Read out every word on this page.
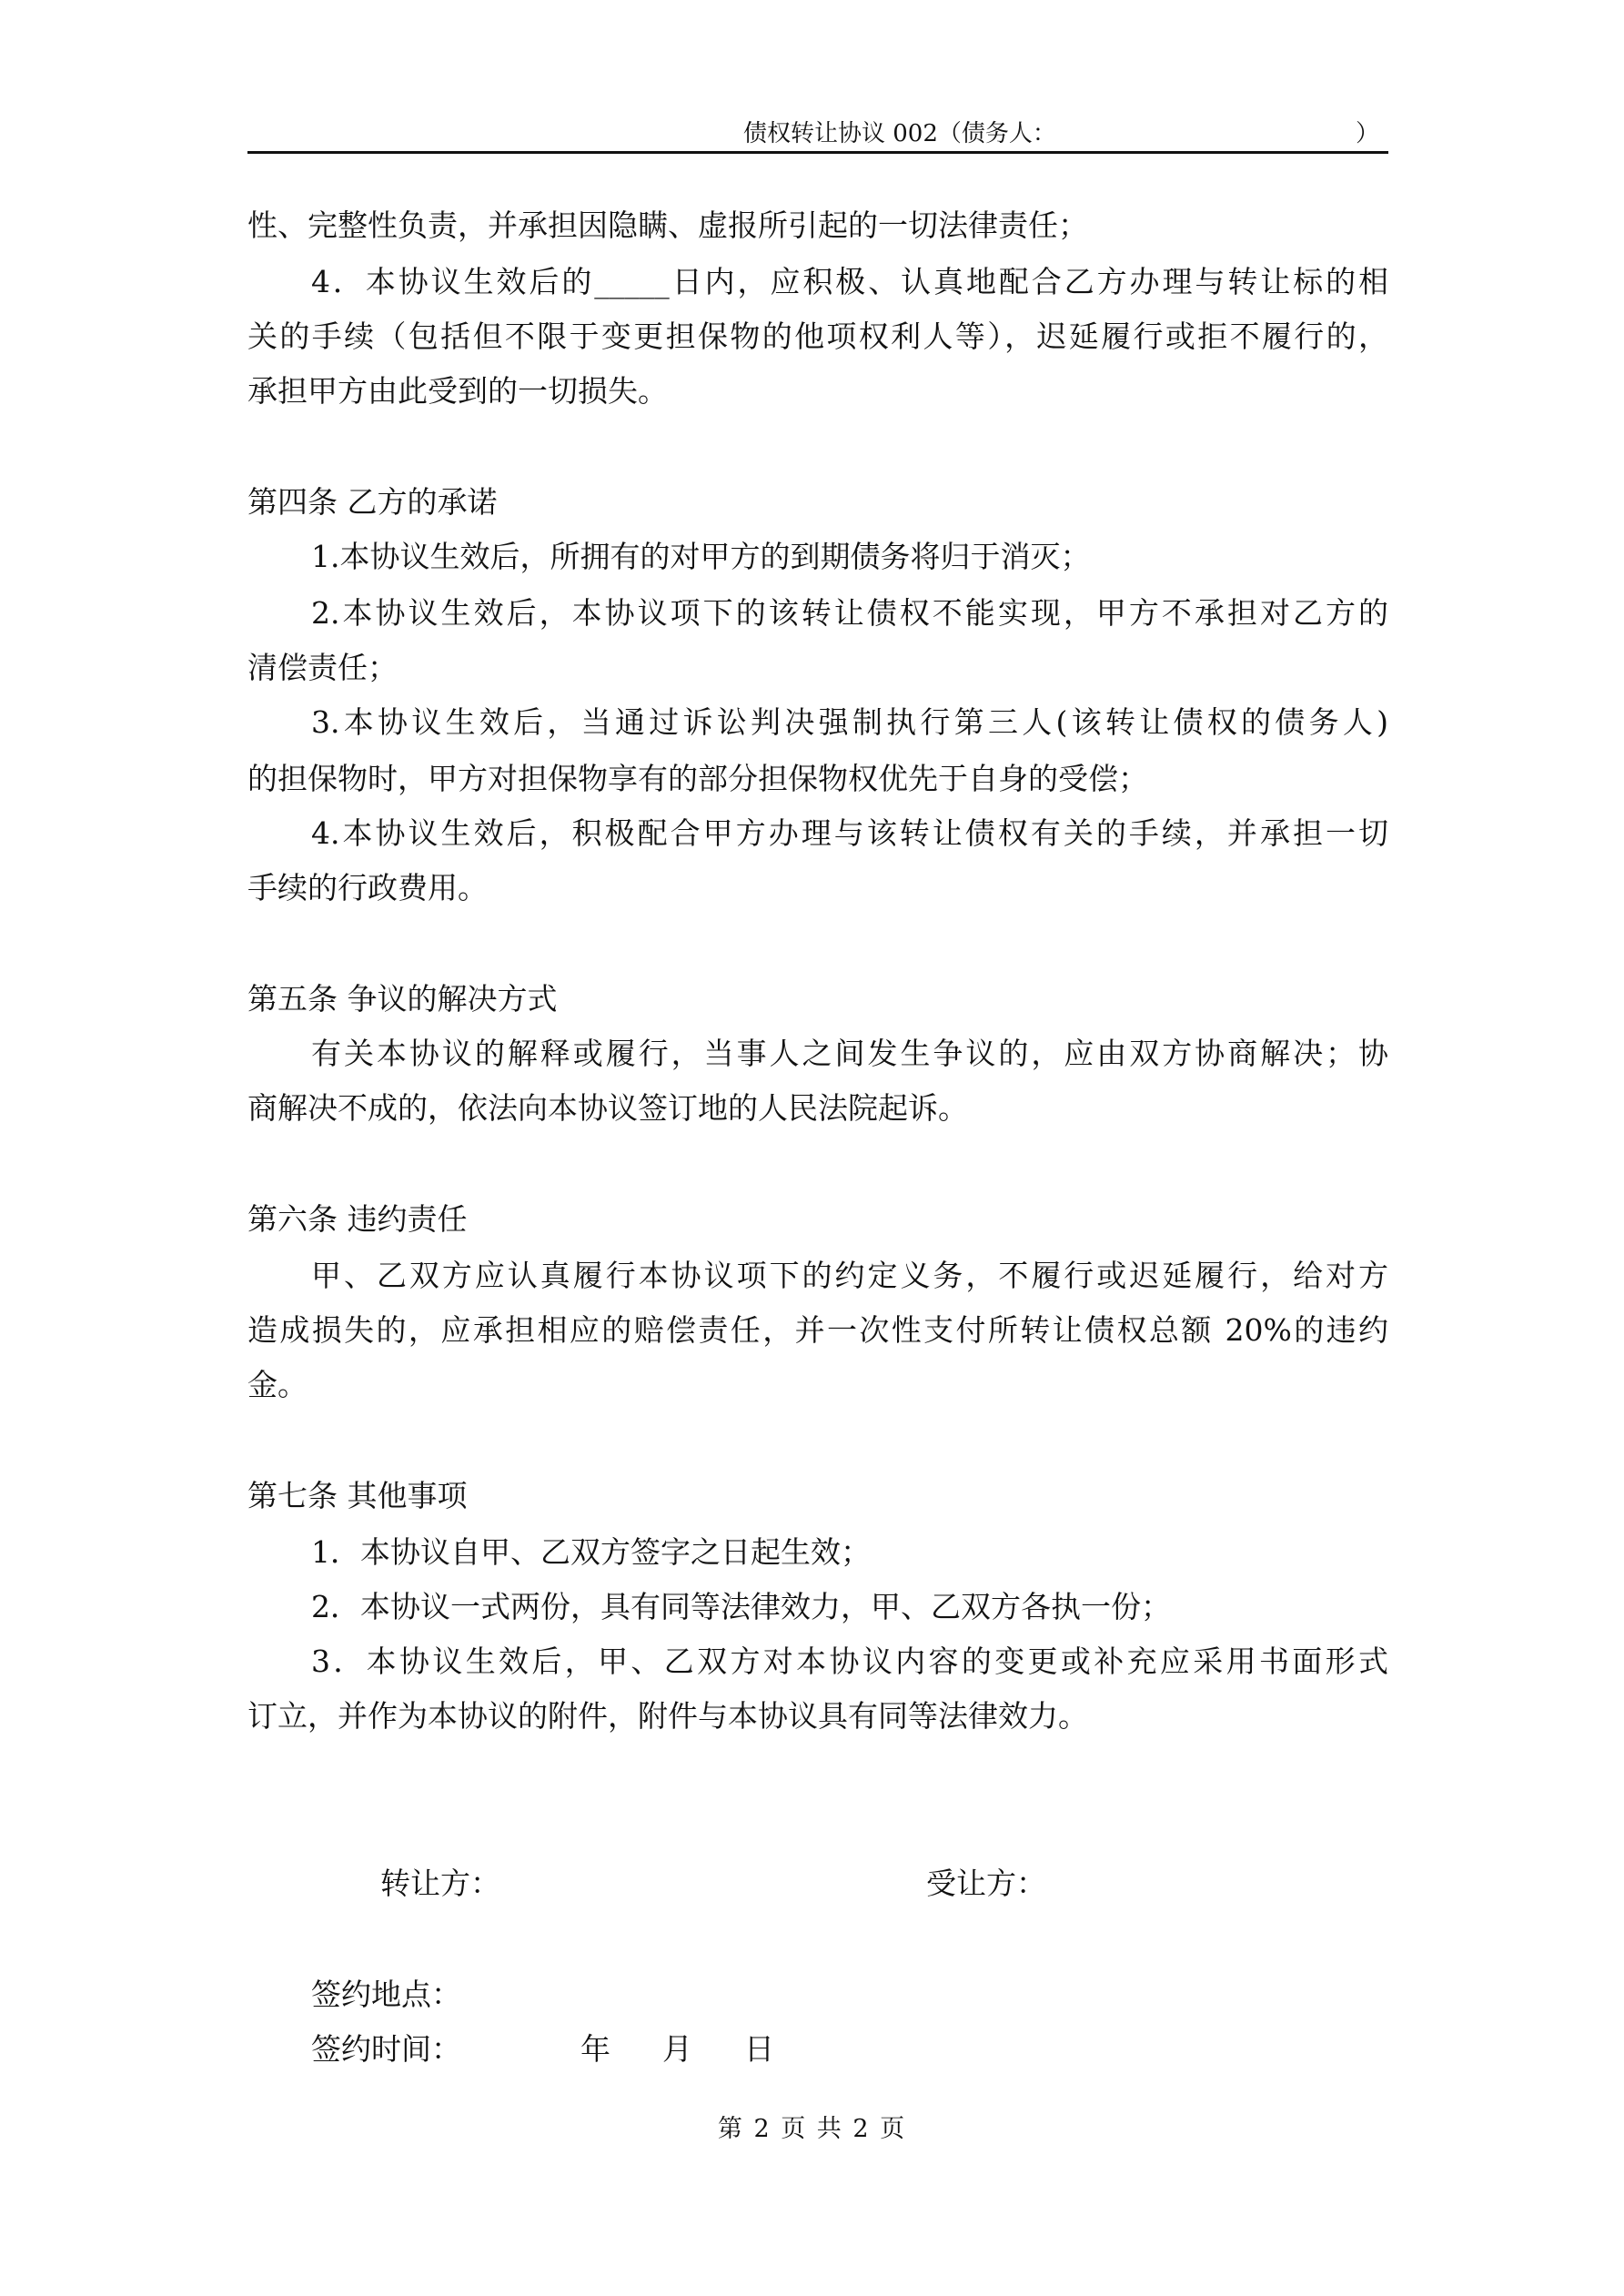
债权转让协议 002（债务人：	）
性、完整性负责，并承担因隐瞒、虚报所引起的一切法律责任；
4．本协议生效后的_____日内，应积极、认真地配合乙方办理与转让标的相
关的手续（包括但不限于变更担保物的他项权利人等），迟延履行或拒不履行的，
承担甲方由此受到的一切损失。
第四条 乙方的承诺
1.本协议生效后，所拥有的对甲方的到期债务将归于消灭；
2.本协议生效后，本协议项下的该转让债权不能实现，甲方不承担对乙方的
清偿责任；
3.本协议生效后，当通过诉讼判决强制执行第三人(该转让债权的债务人)
的担保物时，甲方对担保物享有的部分担保物权优先于自身的受偿；
4.本协议生效后，积极配合甲方办理与该转让债权有关的手续，并承担一切
手续的行政费用。
第五条 争议的解决方式
有关本协议的解释或履行，当事人之间发生争议的，应由双方协商解决；协
商解决不成的，依法向本协议签订地的人民法院起诉。
第六条 违约责任
甲、乙双方应认真履行本协议项下的约定义务，不履行或迟延履行，给对方
造成损失的，应承担相应的赔偿责任，并一次性支付所转让债权总额 20%的违约
金。
第七条 其他事项
1．本协议自甲、乙双方签字之日起生效；
2．本协议一式两份，具有同等法律效力，甲、乙双方各执一份；
3．本协议生效后，甲、乙双方对本协议内容的变更或补充应采用书面形式
订立，并作为本协议的附件，附件与本协议具有同等法律效力。
转让方：	受让方：
签约地点：
签约时间：	年 月 日
第 2 页 共 2 页
